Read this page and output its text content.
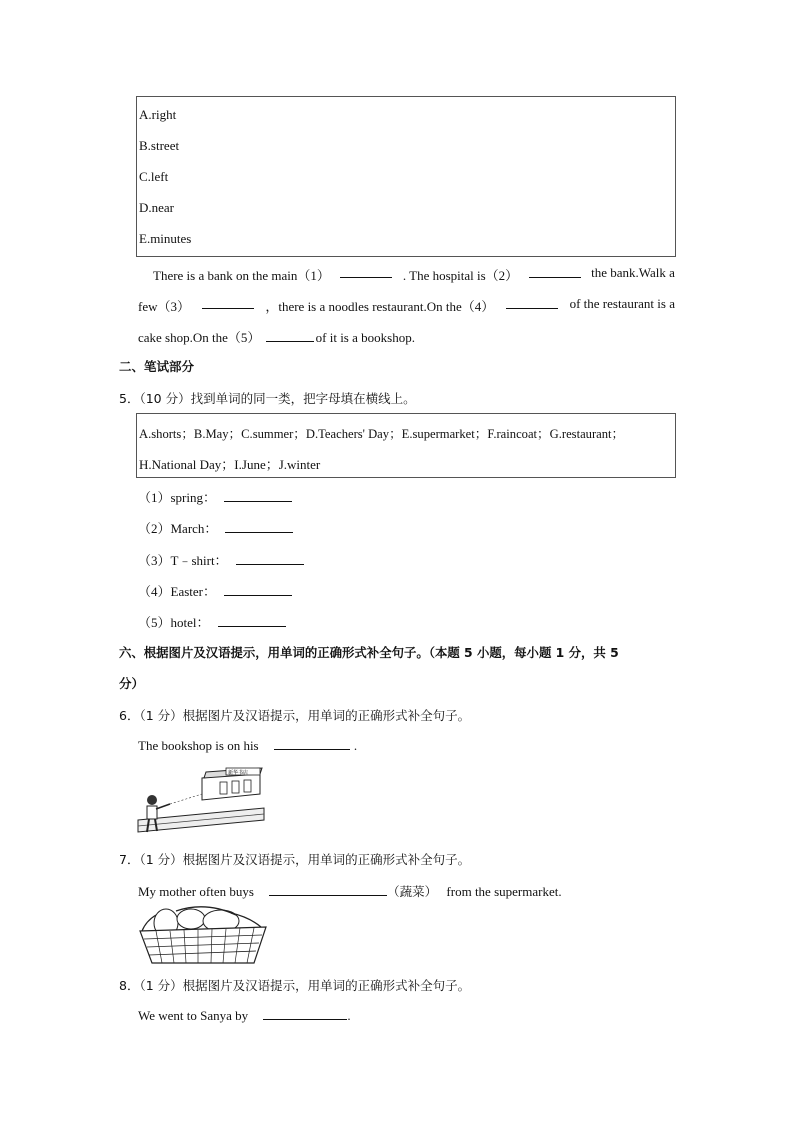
A.right
B.street
C.left
D.near
E.minutes
There is a bank on the main（1）	. The hospital is（2）	the bank.Walk a
few（3）	，there is a noodles restaurant.On the（4）	of the restaurant is a
cake shop.On the（5）	of it is a bookshop.
二、笔试部分
5．（10 分）找到单词的同一类，把字母填在横线上。
A.shorts；B.May；C.summer；D.Teachers' Day；E.supermarket；F.raincoat；G.restaurant；
H.National Day；I.June；J.winter
（1）spring：
（2）March：
（3）T﹣shirt：
（4）Easter：
（5）hotel：
六、根据图片及汉语提示，用单词的正确形式补全句子。（本题 5 小题，每小题 1 分，共 5
分）
6．（1 分）根据图片及汉语提示，用单词的正确形式补全句子。
The bookshop is on his	.
新华书店
7．（1 分）根据图片及汉语提示，用单词的正确形式补全句子。
My mother often buys	（蔬菜） from the supermarket.
8．（1 分）根据图片及汉语提示，用单词的正确形式补全句子。
We went to Sanya by	.
